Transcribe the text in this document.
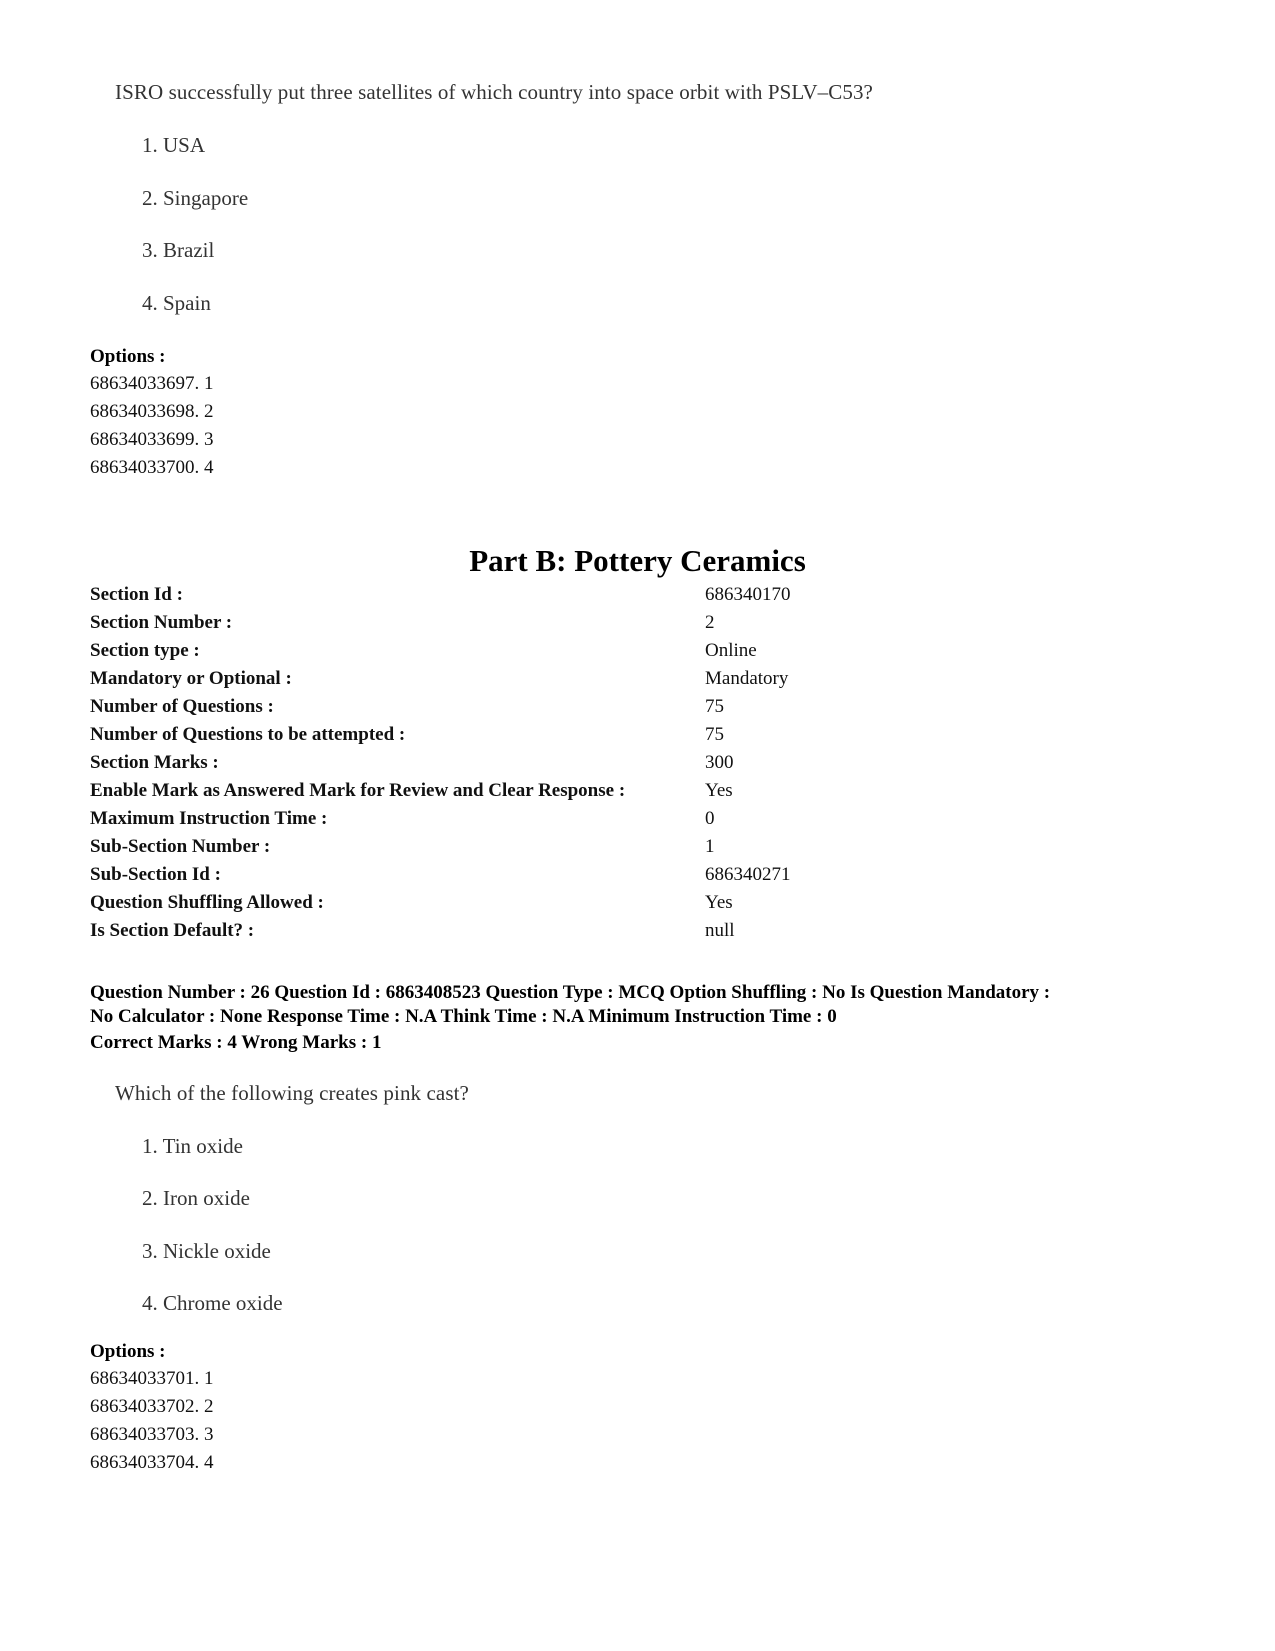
ISRO successfully put three satellites of which country into space orbit with PSLV–C53?
1. USA
2. Singapore
3. Brazil
4. Spain
Options :
68634033697. 1
68634033698. 2
68634033699. 3
68634033700. 4
Part B: Pottery Ceramics
Section Id :	686340170
Section Number :	2
Section type :	Online
Mandatory or Optional :	Mandatory
Number of Questions :	75
Number of Questions to be attempted :	75
Section Marks :	300
Enable Mark as Answered Mark for Review and Clear Response :	Yes
Maximum Instruction Time :	0
Sub-Section Number :	1
Sub-Section Id :	686340271
Question Shuffling Allowed :	Yes
Is Section Default? :	null
Question Number : 26 Question Id : 6863408523 Question Type : MCQ Option Shuffling : No Is Question Mandatory :
No Calculator : None Response Time : N.A Think Time : N.A Minimum Instruction Time : 0
Correct Marks : 4 Wrong Marks : 1
Which of the following creates pink cast?
1. Tin oxide
2. Iron oxide
3. Nickle oxide
4. Chrome oxide
Options :
68634033701. 1
68634033702. 2
68634033703. 3
68634033704. 4
